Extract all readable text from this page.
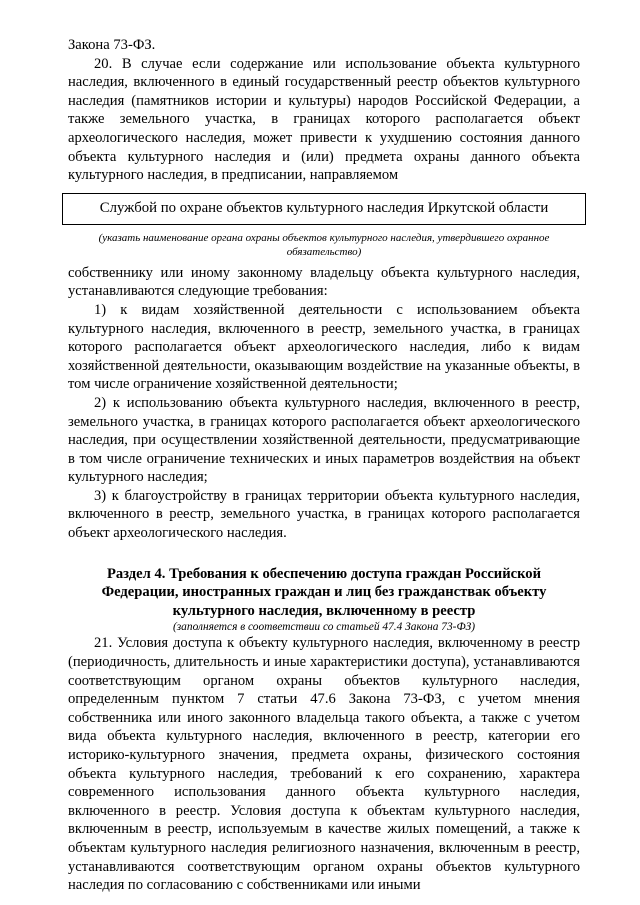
Закона 73-ФЗ.

20. В случае если содержание или использование объекта культурного наследия, включенного в единый государственный реестр объектов культурного наследия (памятников истории и культуры) народов Российской Федерации, а также земельного участка, в границах которого располагается объект археологического наследия, может привести к ухудшению состояния данного объекта культурного наследия и (или) предмета охраны данного объекта культурного наследия, в предписании, направляемом

Службой по охране объектов культурного наследия Иркутской области

(указать наименование органа охраны объектов культурного наследия, утвердившего охранное обязательство)

собственнику или иному законному владельцу объекта культурного наследия, устанавливаются следующие требования:

1) к видам хозяйственной деятельности с использованием объекта культурного наследия, включенного в реестр, земельного участка, в границах которого располагается объект археологического наследия, либо к видам хозяйственной деятельности, оказывающим воздействие на указанные объекты, в том числе ограничение хозяйственной деятельности;

2) к использованию объекта культурного наследия, включенного в реестр, земельного участка, в границах которого располагается объект археологического наследия, при осуществлении хозяйственной деятельности, предусматривающие в том числе ограничение технических и иных параметров воздействия на объект культурного наследия;

3) к благоустройству в границах территории объекта культурного наследия, включенного в реестр, земельного участка, в границах которого располагается объект археологического наследия.

Раздел 4. Требования к обеспечению доступа граждан Российской Федерации, иностранных граждан и лиц без гражданствак объекту культурного наследия, включенному в реестр

(заполняется в соответствии со статьей 47.4 Закона 73-ФЗ)

21. Условия доступа к объекту культурного наследия, включенному в реестр (периодичность, длительность и иные характеристики доступа), устанавливаются соответствующим органом охраны объектов культурного наследия, определенным пунктом 7 статьи 47.6 Закона 73-ФЗ, с учетом мнения собственника или иного законного владельца такого объекта, а также с учетом вида объекта культурного наследия, включенного в реестр, категории его историко-культурного значения, предмета охраны, физического состояния объекта культурного наследия, требований к его сохранению, характера современного использования данного объекта культурного наследия, включенного в реестр. Условия доступа к объектам культурного наследия, включенным в реестр, используемым в качестве жилых помещений, а также к объектам культурного наследия религиозного назначения, включенным в реестр, устанавливаются соответствующим органом охраны объектов культурного наследия по согласованию с собственниками или иными
